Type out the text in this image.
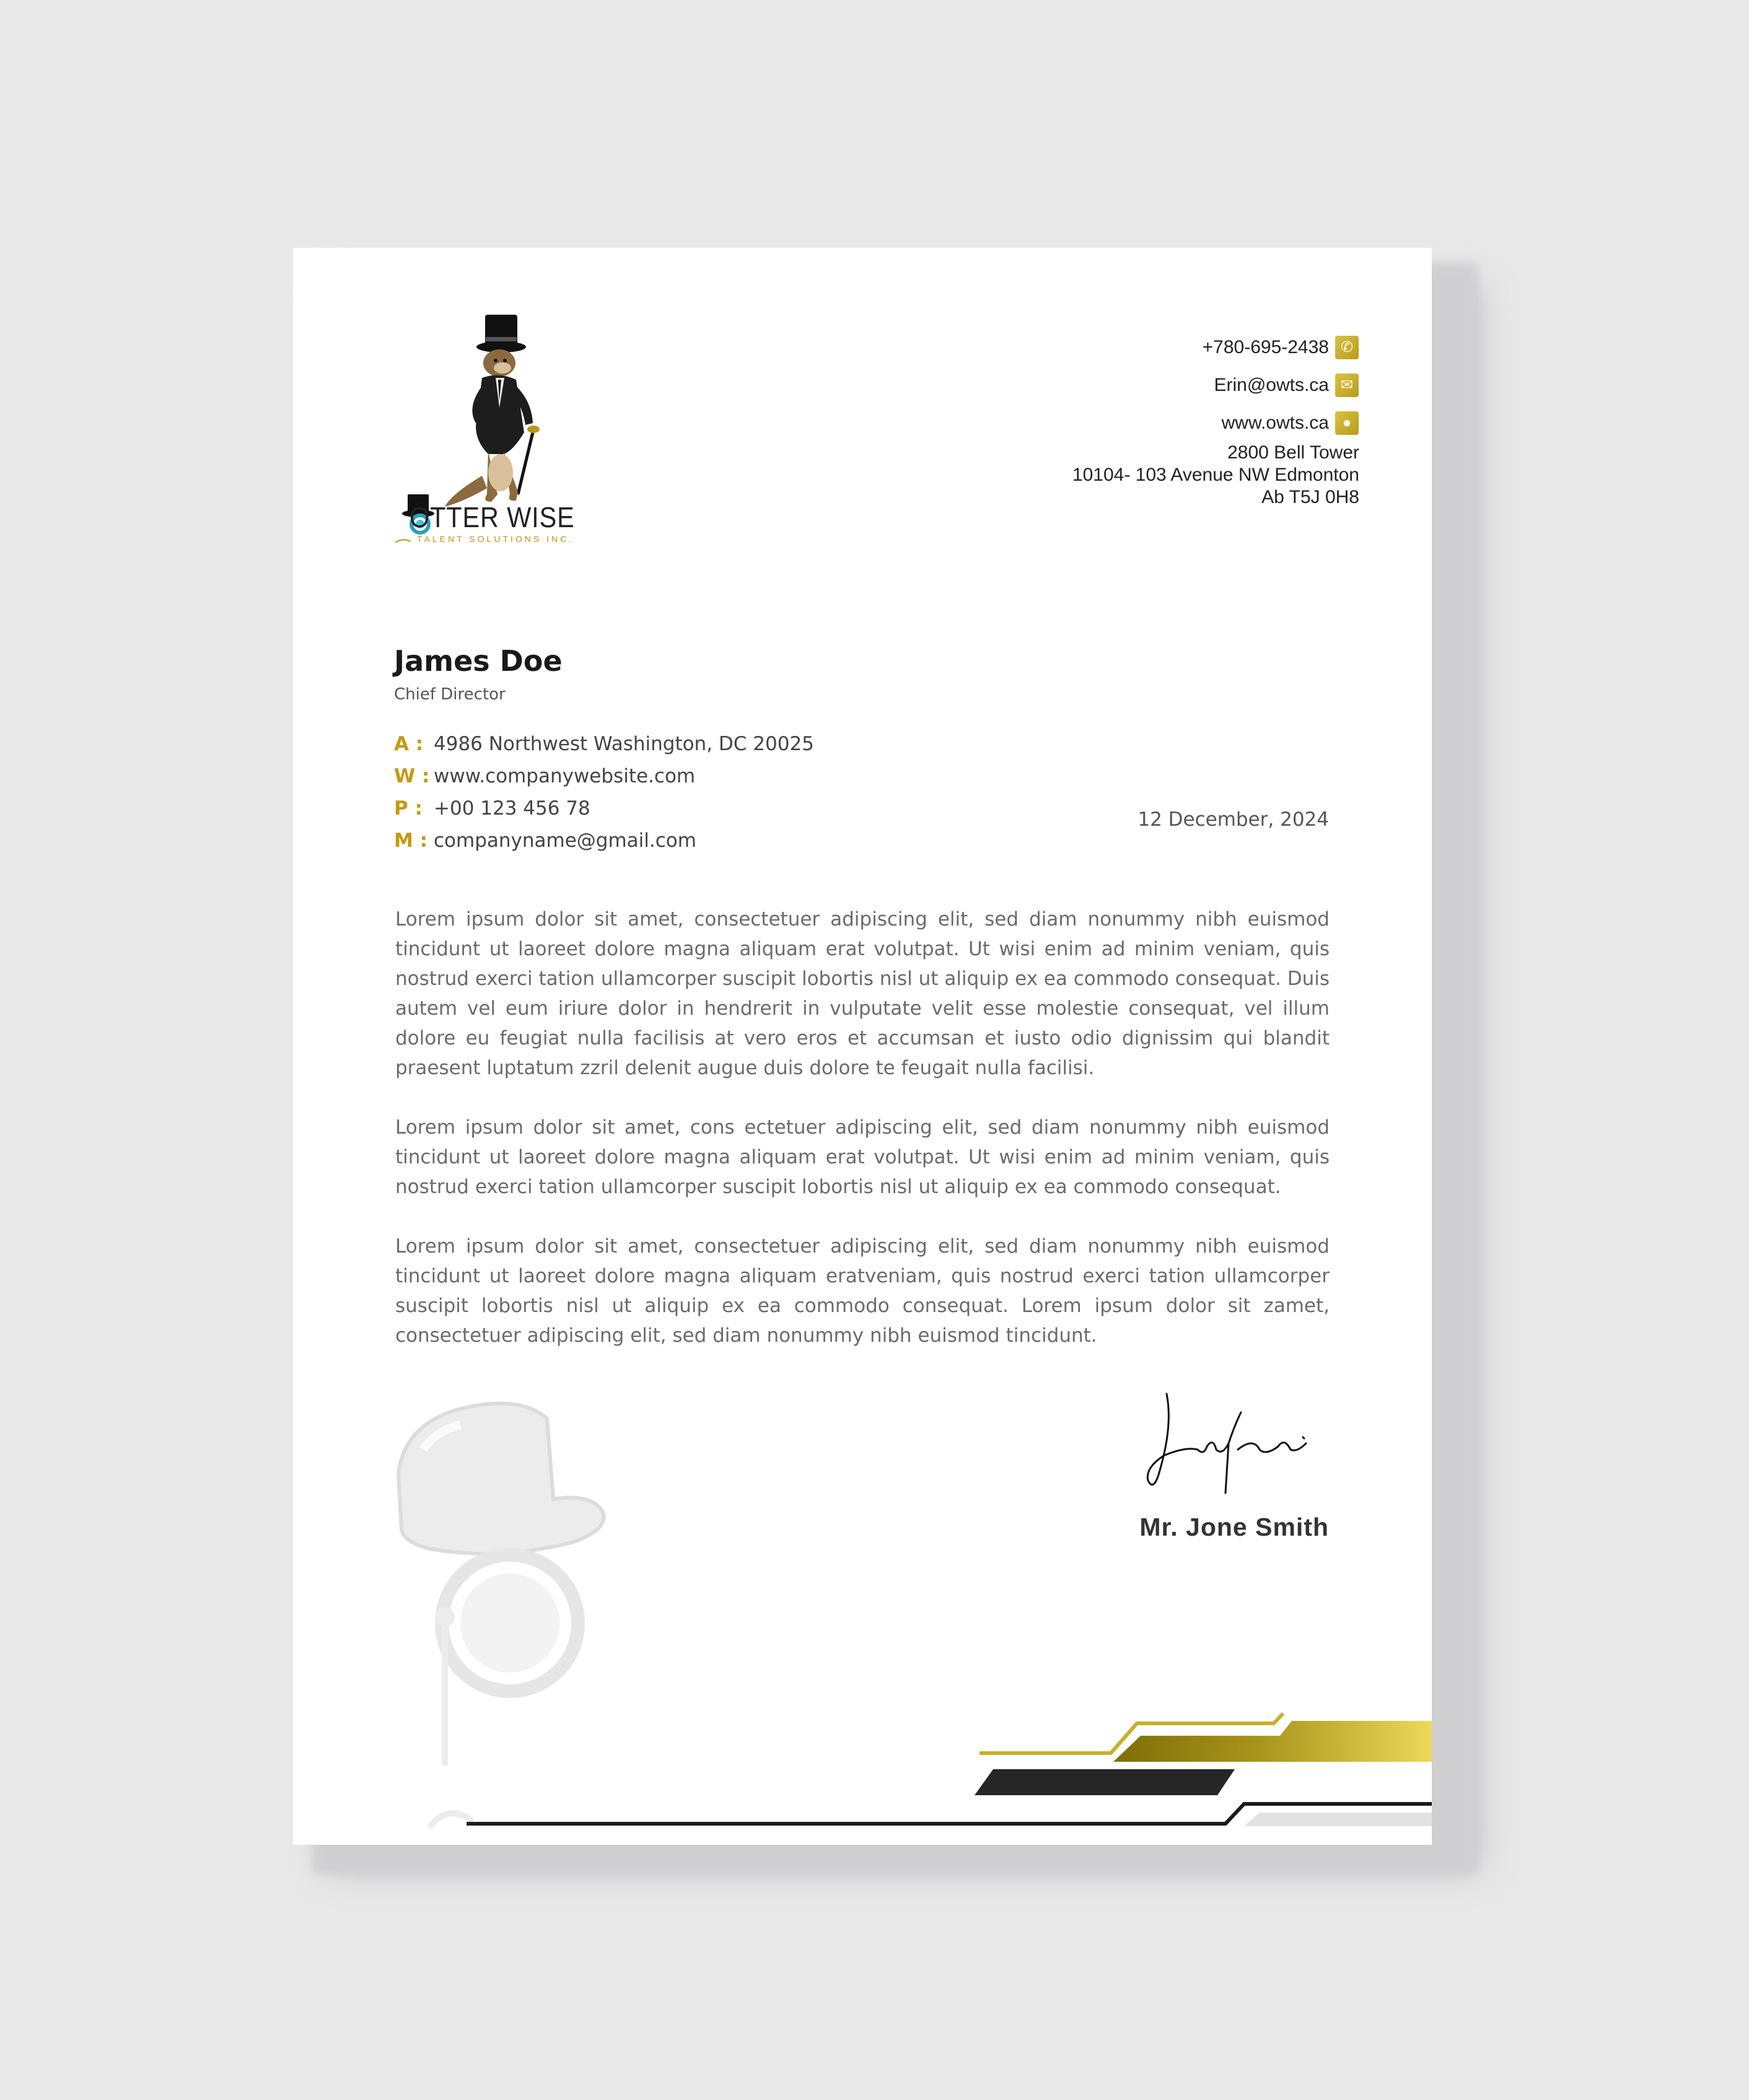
OTTER WISE
TALENT SOLUTIONS INC.
+780-695-2438 ✆
Erin@owts.ca ✉
www.owts.ca ●
2800 Bell Tower
10104- 103 Avenue NW Edmonton
Ab T5J 0H8
James Doe
Chief Director
A : 4986 Northwest Washington, DC 20025
W : www.companywebsite.com
P : +00 123 456 78
M : companyname@gmail.com
12 December, 2024

Lorem ipsum dolor sit amet, consectetuer adipiscing elit, sed diam nonummy nibh euismod tincidunt ut laoreet dolore magna aliquam erat volutpat. Ut wisi enim ad minim veniam, quis nostrud exerci tation ullamcorper suscipit lobortis nisl ut aliquip ex ea commodo consequat. Duis autem vel eum iriure dolor in hendrerit in vulputate velit esse molestie consequat, vel illum dolore eu feugiat nulla facilisis at vero eros et accumsan et iusto odio dignissim qui blandit praesent luptatum zzril delenit augue duis dolore te feugait nulla facilisi.

Lorem ipsum dolor sit amet, cons ectetuer adipiscing elit, sed diam nonummy nibh euismod tincidunt ut laoreet dolore magna aliquam erat volutpat. Ut wisi enim ad minim veniam, quis nostrud exerci tation ullamcorper suscipit lobortis nisl ut aliquip ex ea commodo consequat.

Lorem ipsum dolor sit amet, consectetuer adipiscing elit, sed diam nonummy nibh euismod tincidunt ut laoreet dolore magna aliquam eratveniam, quis nostrud exerci tation ullamcorper suscipit lobortis nisl ut aliquip ex ea commodo consequat. Lorem ipsum dolor sit zamet, consectetuer adipiscing elit, sed diam nonummy nibh euismod tincidunt.

Mr. Jone Smith
